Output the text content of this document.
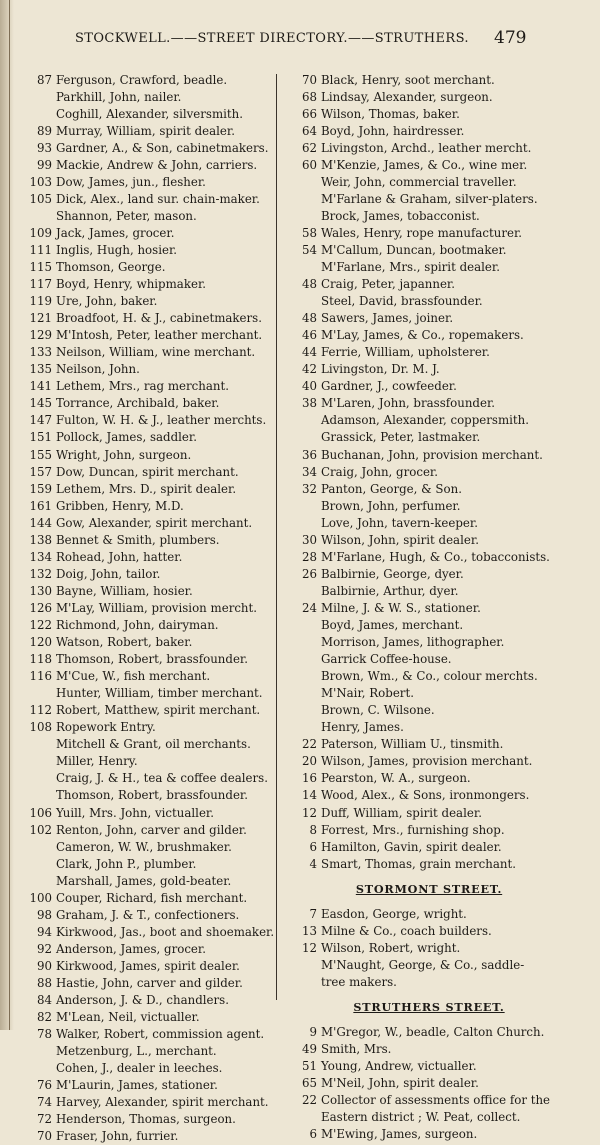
STOCKWELL.——STREET DIRECTORY.——STRUTHERS.	479
87 Ferguson, Crawford, beadle.
Parkhill, John, nailer.
Coghill, Alexander, silversmith.
89 Murray, William, spirit dealer.
93 Gardner, A., & Son, cabinetmakers.
99 Mackie, Andrew & John, carriers.
103 Dow, James, jun., flesher.
105 Dick, Alex., land sur. chain-maker.
Shannon, Peter, mason.
109 Jack, James, grocer.
111 Inglis, Hugh, hosier.
115 Thomson, George.
117 Boyd, Henry, whipmaker.
119 Ure, John, baker.
121 Broadfoot, H. & J., cabinetmakers.
129 M'Intosh, Peter, leather merchant.
133 Neilson, William, wine merchant.
135 Neilson, John.
141 Lethem, Mrs., rag merchant.
145 Torrance, Archibald, baker.
147 Fulton, W. H. & J., leather merchts.
151 Pollock, James, saddler.
155 Wright, John, surgeon.
157 Dow, Duncan, spirit merchant.
159 Lethem, Mrs. D., spirit dealer.
161 Gribben, Henry, M.D.
144 Gow, Alexander, spirit merchant.
138 Bennet & Smith, plumbers.
134 Rohead, John, hatter.
132 Doig, John, tailor.
130 Bayne, William, hosier.
126 M'Lay, William, provision mercht.
122 Richmond, John, dairyman.
120 Watson, Robert, baker.
118 Thomson, Robert, brassfounder.
116 M'Cue, W., fish merchant.
Hunter, William, timber merchant.
112 Robert, Matthew, spirit merchant.
108 Ropework Entry.
Mitchell & Grant, oil merchants.
Miller, Henry.
Craig, J. & H., tea & coffee dealers.
Thomson, Robert, brassfounder.
106 Yuill, Mrs. John, victualler.
102 Renton, John, carver and gilder.
Cameron, W. W., brushmaker.
Clark, John P., plumber.
Marshall, James, gold-beater.
100 Couper, Richard, fish merchant.
98 Graham, J. & T., confectioners.
94 Kirkwood, Jas., boot and shoemaker.
92 Anderson, James, grocer.
90 Kirkwood, James, spirit dealer.
88 Hastie, John, carver and gilder.
84 Anderson, J. & D., chandlers.
82 M'Lean, Neil, victualler.
78 Walker, Robert, commission agent.
Metzenburg, L., merchant.
Cohen, J., dealer in leeches.
76 M'Laurin, James, stationer.
74 Harvey, Alexander, spirit merchant.
72 Henderson, Thomas, surgeon.
70 Fraser, John, furrier.
70 Black, Henry, soot merchant.
68 Lindsay, Alexander, surgeon.
66 Wilson, Thomas, baker.
64 Boyd, John, hairdresser.
62 Livingston, Archd., leather mercht.
60 M'Kenzie, James, & Co., wine mer.
Weir, John, commercial traveller.
M'Farlane & Graham, silver-platers.
Brock, James, tobacconist.
58 Wales, Henry, rope manufacturer.
54 M'Callum, Duncan, bootmaker.
M'Farlane, Mrs., spirit dealer.
48 Craig, Peter, japanner.
Steel, David, brassfounder.
48 Sawers, James, joiner.
46 M'Lay, James, & Co., ropemakers.
44 Ferrie, William, upholsterer.
42 Livingston, Dr. M. J.
40 Gardner, J., cowfeeder.
38 M'Laren, John, brassfounder.
Adamson, Alexander, coppersmith.
Grassick, Peter, lastmaker.
36 Buchanan, John, provision merchant.
34 Craig, John, grocer.
32 Panton, George, & Son.
Brown, John, perfumer.
Love, John, tavern-keeper.
30 Wilson, John, spirit dealer.
28 M'Farlane, Hugh, & Co., tobacconists.
26 Balbirnie, George, dyer.
Balbirnie, Arthur, dyer.
24 Milne, J. & W. S., stationer.
Boyd, James, merchant.
Morrison, James, lithographer.
Garrick Coffee-house.
Brown, Wm., & Co., colour merchts.
M'Nair, Robert.
Brown, C. Wilsone.
Henry, James.
22 Paterson, William U., tinsmith.
20 Wilson, James, provision merchant.
16 Pearston, W. A., surgeon.
14 Wood, Alex., & Sons, ironmongers.
12 Duff, William, spirit dealer.
8 Forrest, Mrs., furnishing shop.
6 Hamilton, Gavin, spirit dealer.
4 Smart, Thomas, grain merchant.
STORMONT STREET.
7 Easdon, George, wright.
13 Milne & Co., coach builders.
12 Wilson, Robert, wright.
M'Naught, George, & Co., saddle-
tree makers.
STRUTHERS STREET.
9 M'Gregor, W., beadle, Calton Church.
49 Smith, Mrs.
51 Young, Andrew, victualler.
65 M'Neil, John, spirit dealer.
22 Collector of assessments office for the
Eastern district ; W. Peat, collect.
6 M'Ewing, James, surgeon.
